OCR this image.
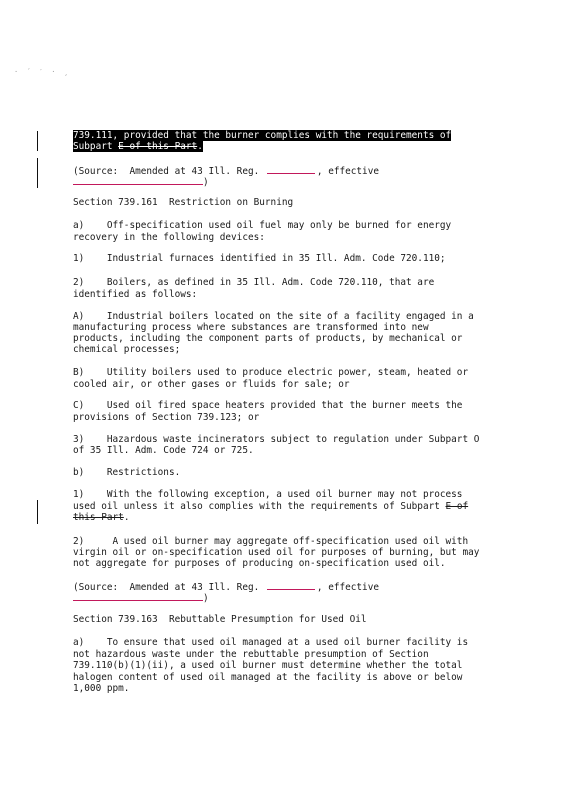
· ´ ′ · ¸
739.111, provided that the burner complies with the requirements of
Subpart E of this Part.
(Source:  Amended at 43 Ill. Reg.	, effective
)
Section 739.161  Restriction on Burning
a)    Off-specification used oil fuel may only be burned for energy
recovery in the following devices:
1)    Industrial furnaces identified in 35 Ill. Adm. Code 720.110;
2)    Boilers, as defined in 35 Ill. Adm. Code 720.110, that are
identified as follows:
A)    Industrial boilers located on the site of a facility engaged in a
manufacturing process where substances are transformed into new
products, including the component parts of products, by mechanical or
chemical processes;
B)    Utility boilers used to produce electric power, steam, heated or
cooled air, or other gases or fluids for sale; or
C)    Used oil fired space heaters provided that the burner meets the
provisions of Section 739.123; or
3)    Hazardous waste incinerators subject to regulation under Subpart O
of 35 Ill. Adm. Code 724 or 725.
b)    Restrictions.
1)    With the following exception, a used oil burner may not process
used oil unless it also complies with the requirements of Subpart E of
this Part.
2)     A used oil burner may aggregate off-specification used oil with
virgin oil or on-specification used oil for purposes of burning, but may
not aggregate for purposes of producing on-specification used oil.
(Source:  Amended at 43 Ill. Reg.	, effective
)
Section 739.163  Rebuttable Presumption for Used Oil
a)    To ensure that used oil managed at a used oil burner facility is
not hazardous waste under the rebuttable presumption of Section
739.110(b)(1)(ii), a used oil burner must determine whether the total
halogen content of used oil managed at the facility is above or below
1,000 ppm.
